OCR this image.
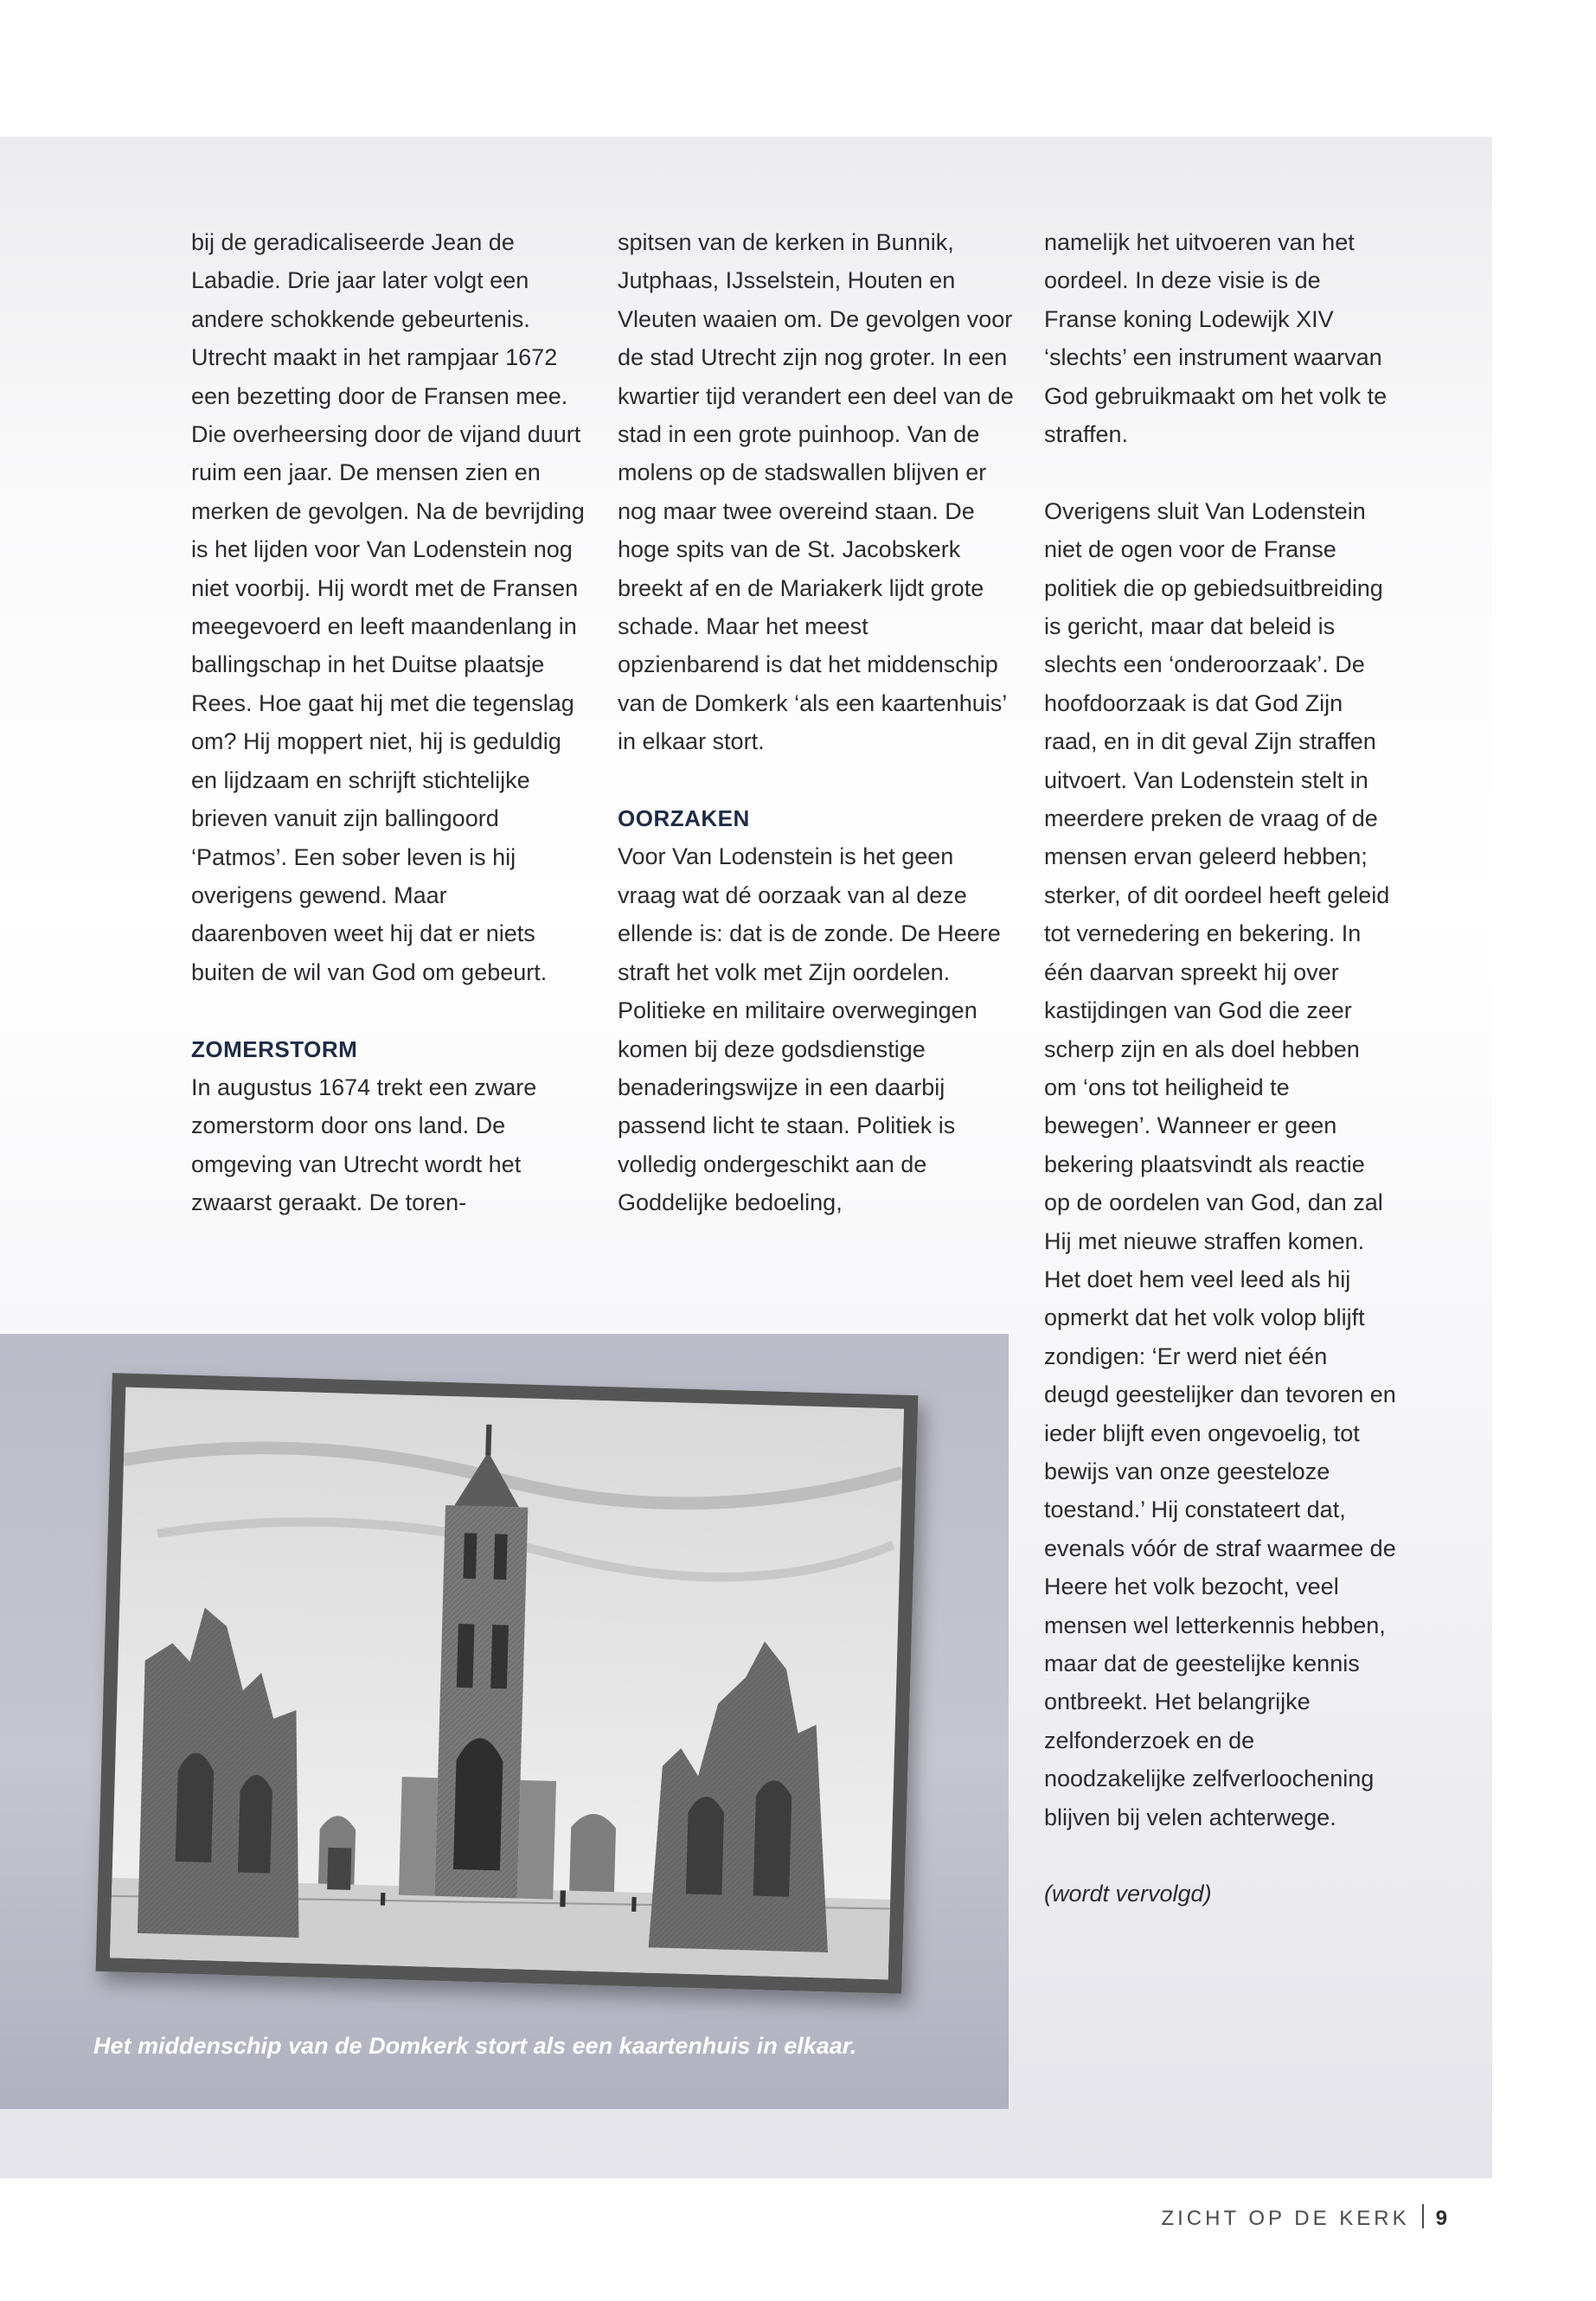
bij de geradicaliseerde Jean de Labadie. Drie jaar later volgt een andere schokkende gebeurtenis. Utrecht maakt in het rampjaar 1672 een bezetting door de Fransen mee. Die overheersing door de vijand duurt ruim een jaar. De mensen zien en merken de gevolgen. Na de bevrijding is het lijden voor Van Lodenstein nog niet voorbij. Hij wordt met de Fransen meegevoerd en leeft maandenlang in ballingschap in het Duitse plaatsje Rees. Hoe gaat hij met die tegenslag om? Hij moppert niet, hij is geduldig en lijdzaam en schrijft stichtelijke brieven vanuit zijn ballingoord ‘Patmos’. Een sober leven is hij overigens gewend. Maar daarenboven weet hij dat er niets buiten de wil van God om gebeurt.

ZOMERSTORM

In augustus 1674 trekt een zware zomerstorm door ons land. De omgeving van Utrecht wordt het zwaarst geraakt. De toren-

spitsen van de kerken in Bunnik, Jutphaas, IJsselstein, Houten en Vleuten waaien om. De gevolgen voor de stad Utrecht zijn nog groter. In een kwartier tijd verandert een deel van de stad in een grote puinhoop. Van de molens op de stadswallen blijven er nog maar twee overeind staan. De hoge spits van de St. Jacobskerk breekt af en de Mariakerk lijdt grote schade. Maar het meest opzienbarend is dat het middenschip van de Domkerk ‘als een kaartenhuis’ in elkaar stort.

OORZAKEN

Voor Van Lodenstein is het geen vraag wat dé oorzaak van al deze ellende is: dat is de zonde. De Heere straft het volk met Zijn oordelen. Politieke en militaire overwegingen komen bij deze godsdienstige benaderingswijze in een daarbij passend licht te staan. Politiek is volledig ondergeschikt aan de Goddelijke bedoeling,

namelijk het uitvoeren van het oordeel. In deze visie is de Franse koning Lodewijk XIV ‘slechts’ een instrument waarvan God gebruikmaakt om het volk te straffen.

Overigens sluit Van Lodenstein niet de ogen voor de Franse politiek die op gebiedsuitbreiding is gericht, maar dat beleid is slechts een ‘onderoorzaak’. De hoofdoorzaak is dat God Zijn raad, en in dit geval Zijn straffen uitvoert. Van Lodenstein stelt in meerdere preken de vraag of de mensen ervan geleerd hebben; sterker, of dit oordeel heeft geleid tot vernedering en bekering. In één daarvan spreekt hij over kastijdingen van God die zeer scherp zijn en als doel hebben om ‘ons tot heiligheid te bewegen’. Wanneer er geen bekering plaatsvindt als reactie op de oordelen van God, dan zal Hij met nieuwe straffen komen. Het doet hem veel leed als hij opmerkt dat het volk volop blijft zondigen: ‘Er werd niet één deugd geestelijker dan tevoren en ieder blijft even ongevoelig, tot bewijs van onze geesteloze toestand.’ Hij constateert dat, evenals vóór de straf waarmee de Heere het volk bezocht, veel mensen wel letterkennis hebben, maar dat de geestelijke kennis ontbreekt. Het belangrijke zelfonderzoek en de noodzakelijke zelfverloochening blijven bij velen achterwege.

(wordt vervolgd)

Het middenschip van de Domkerk stort als een kaartenhuis in elkaar.

ZICHT OP DE KERK 9
